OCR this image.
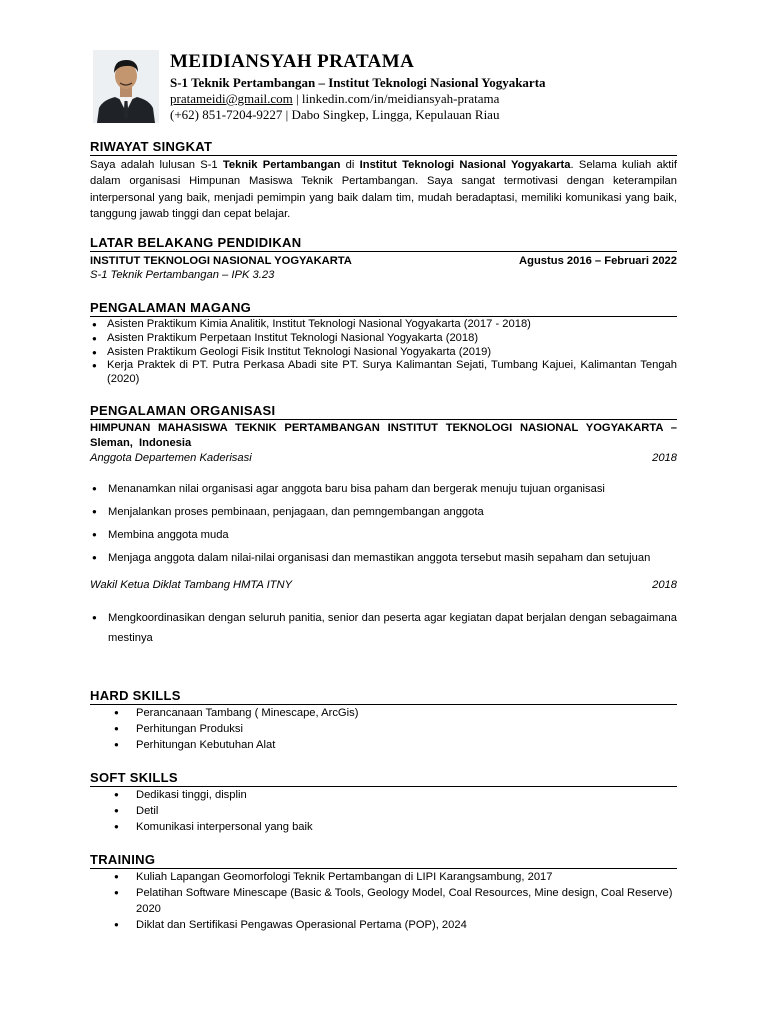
MEIDIANSYAH PRATAMA
S-1 Teknik Pertambangan – Institut Teknologi Nasional Yogyakarta
pratameidi@gmail.com | linkedin.com/in/meidiansyah-pratama
(+62) 851-7204-9227 | Dabo Singkep, Lingga, Kepulauan Riau
RIWAYAT SINGKAT
Saya adalah lulusan S-1 Teknik Pertambangan di Institut Teknologi Nasional Yogyakarta. Selama kuliah aktif dalam organisasi Himpunan Masiswa Teknik Pertambangan. Saya sangat termotivasi dengan keterampilan interpersonal yang baik, menjadi pemimpin yang baik dalam tim, mudah beradaptasi, memiliki komunikasi yang baik, tanggung jawab tinggi dan cepat belajar.
LATAR BELAKANG PENDIDIKAN
INSTITUT TEKNOLOGI NASIONAL YOGYAKARTA	Agustus 2016 – Februari 2022
S-1 Teknik Pertambangan – IPK 3.23
PENGALAMAN MAGANG
● Asisten Praktikum Kimia Analitik, Institut Teknologi Nasional Yogyakarta (2017 - 2018)
● Asisten Praktikum Perpetaan Institut Teknologi Nasional Yogyakarta (2018)
● Asisten Praktikum Geologi Fisik Institut Teknologi Nasional Yogyakarta (2019)
● Kerja Praktek di PT. Putra Perkasa Abadi site PT. Surya Kalimantan Sejati, Tumbang Kajuei, Kalimantan Tengah (2020)
PENGALAMAN ORGANISASI
HIMPUNAN MAHASISWA TEKNIK PERTAMBANGAN INSTITUT TEKNOLOGI NASIONAL YOGYAKARTA – Sleman, Indonesia
Anggota Departemen Kaderisasi	2018
● Menanamkan nilai organisasi agar anggota baru bisa paham dan bergerak menuju tujuan organisasi
● Menjalankan proses pembinaan, penjagaan, dan pemngembangan anggota
● Membina anggota muda
● Menjaga anggota dalam nilai-nilai organisasi dan memastikan anggota tersebut masih sepaham dan setujuan
Wakil Ketua Diklat Tambang HMTA ITNY	2018
● Mengkoordinasikan dengan seluruh panitia, senior dan peserta agar kegiatan dapat berjalan dengan sebagaimana mestinya
HARD SKILLS
● Perancanaan Tambang ( Minescape, ArcGis)
● Perhitungan Produksi
● Perhitungan Kebutuhan Alat
SOFT SKILLS
● Dedikasi tinggi, displin
● Detil
● Komunikasi interpersonal yang baik
TRAINING
● Kuliah Lapangan Geomorfologi Teknik Pertambangan di LIPI Karangsambung, 2017
● Pelatihan Software Minescape (Basic & Tools, Geology Model, Coal Resources, Mine design, Coal Reserve) 2020
● Diklat dan Sertifikasi Pengawas Operasional Pertama (POP), 2024
